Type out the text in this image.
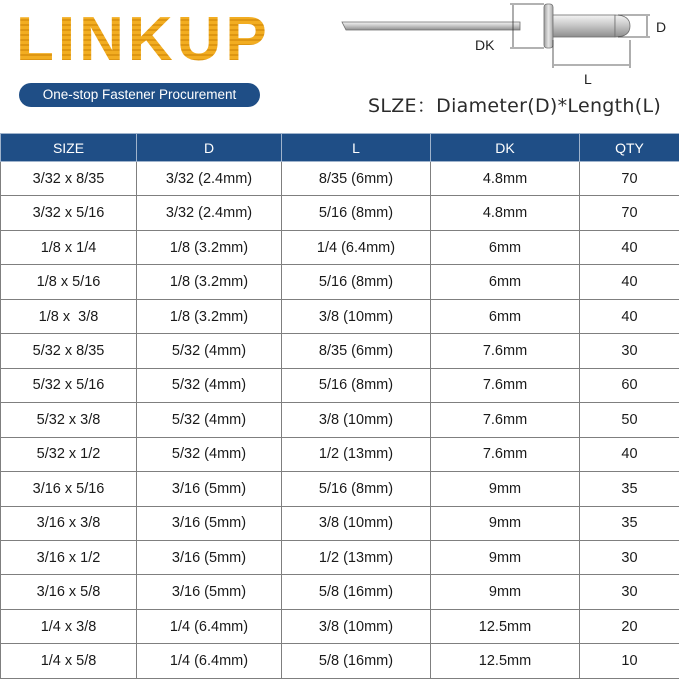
LINKUP
One-stop Fastener Procurement
DK
D
L
SLZE：Diameter(D)*Length(L)
SIZE	D	L	DK	QTY
3/32 x 8/35	3/32 (2.4mm)	8/35 (6mm)	4.8mm	70
3/32 x 5/16	3/32 (2.4mm)	5/16 (8mm)	4.8mm	70
1/8 x 1/4	1/8 (3.2mm)	1/4 (6.4mm)	6mm	40
1/8 x 5/16	1/8 (3.2mm)	5/16 (8mm)	6mm	40
1/8 x  3/8	1/8 (3.2mm)	3/8 (10mm)	6mm	40
5/32 x 8/35	5/32 (4mm)	8/35 (6mm)	7.6mm	30
5/32 x 5/16	5/32 (4mm)	5/16 (8mm)	7.6mm	60
5/32 x 3/8	5/32 (4mm)	3/8 (10mm)	7.6mm	50
5/32 x 1/2	5/32 (4mm)	1/2 (13mm)	7.6mm	40
3/16 x 5/16	3/16 (5mm)	5/16 (8mm)	9mm	35
3/16 x 3/8	3/16 (5mm)	3/8 (10mm)	9mm	35
3/16 x 1/2	3/16 (5mm)	1/2 (13mm)	9mm	30
3/16 x 5/8	3/16 (5mm)	5/8 (16mm)	9mm	30
1/4 x 3/8	1/4 (6.4mm)	3/8 (10mm)	12.5mm	20
1/4 x 5/8	1/4 (6.4mm)	5/8 (16mm)	12.5mm	10
